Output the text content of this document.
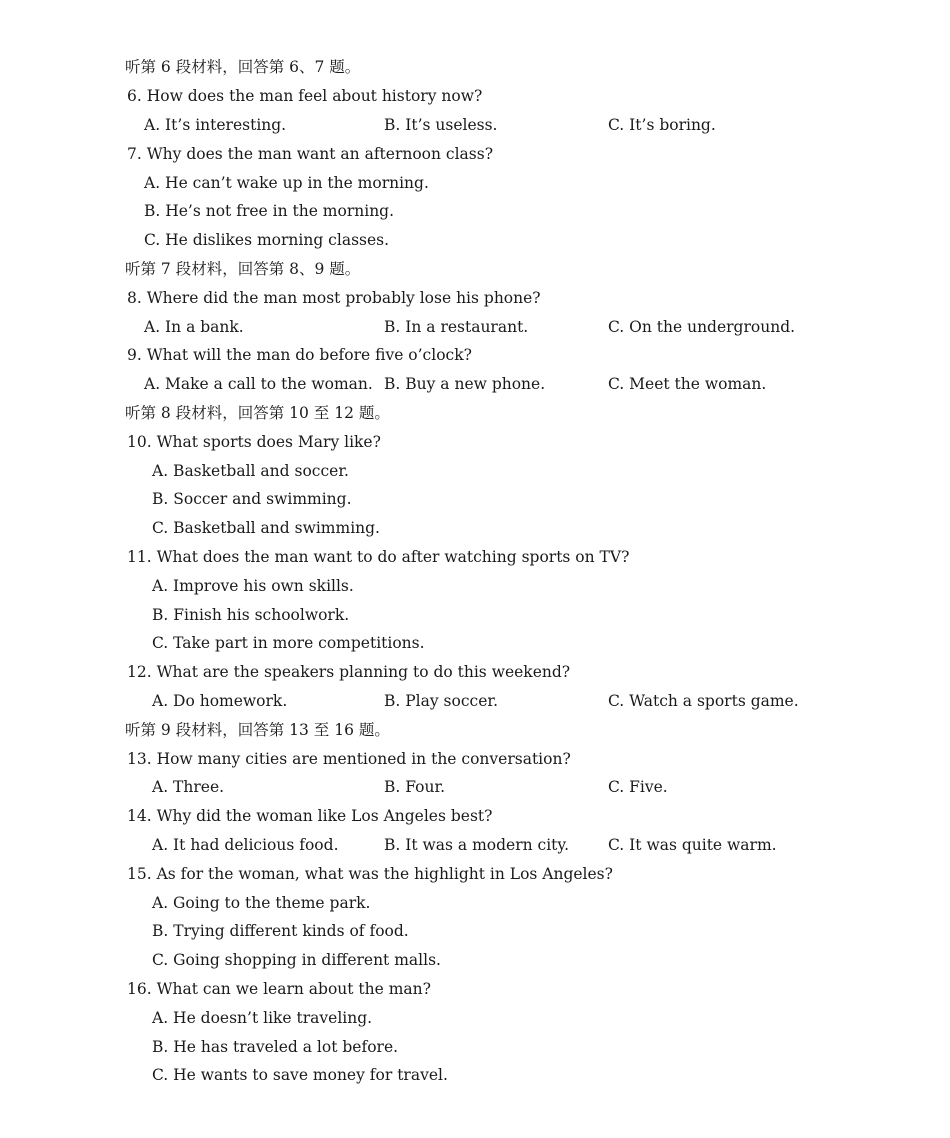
听第 6 段材料，回答第 6、7 题。
6. How does the man feel about history now?
A. It’s interesting.	B. It’s useless.	C. It’s boring.
7. Why does the man want an afternoon class?
A. He can’t wake up in the morning.
B. He’s not free in the morning.
C. He dislikes morning classes.
听第 7 段材料，回答第 8、9 题。
8. Where did the man most probably lose his phone?
A. In a bank.	B. In a restaurant.	C. On the underground.
9. What will the man do before five o’clock?
A. Make a call to the woman. B. Buy a new phone.	C. Meet the woman.
听第 8 段材料，回答第 10 至 12 题。
10. What sports does Mary like?
A. Basketball and soccer.
B. Soccer and swimming.
C. Basketball and swimming.
11. What does the man want to do after watching sports on TV?
A. Improve his own skills.
B. Finish his schoolwork.
C. Take part in more competitions.
12. What are the speakers planning to do this weekend?
A. Do homework.	B. Play soccer.	C. Watch a sports game.
听第 9 段材料，回答第 13 至 16 题。
13. How many cities are mentioned in the conversation?
A. Three.	B. Four.	C. Five.
14. Why did the woman like Los Angeles best?
A. It had delicious food.	B. It was a modern city.	C. It was quite warm.
15. As for the woman, what was the highlight in Los Angeles?
A. Going to the theme park.
B. Trying different kinds of food.
C. Going shopping in different malls.
16. What can we learn about the man?
A. He doesn’t like traveling.
B. He has traveled a lot before.
C. He wants to save money for travel.
